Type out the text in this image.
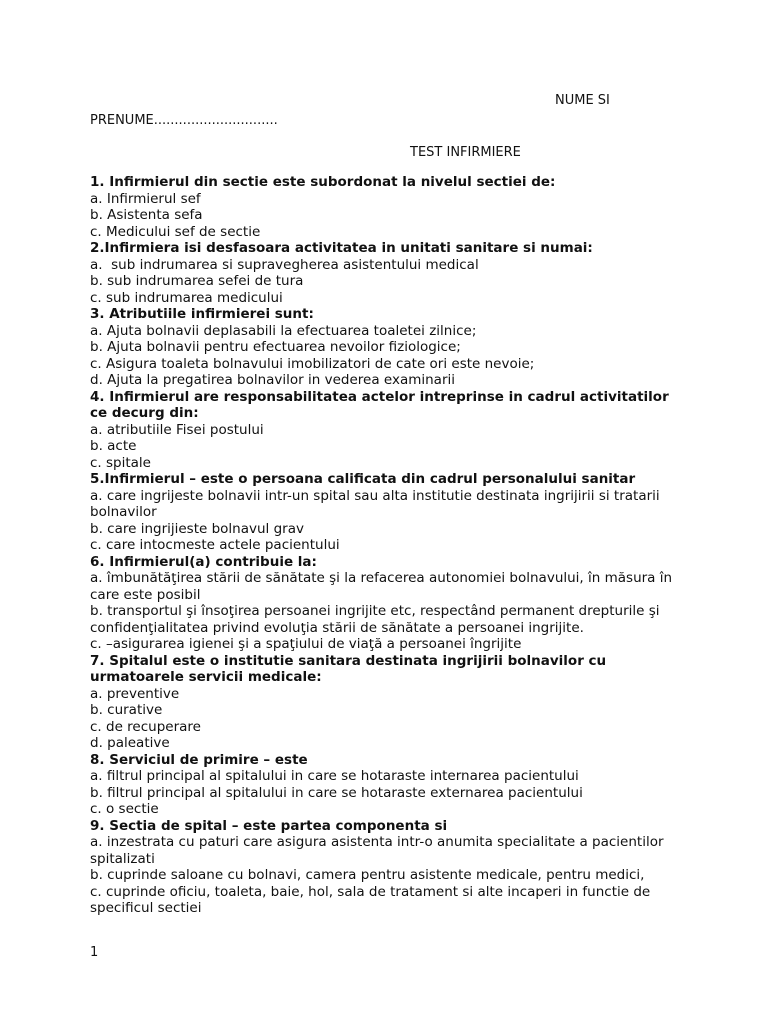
NUME SI
PRENUME..............................
TEST INFIRMIERE
1. Infirmierul din sectie este subordonat la nivelul sectiei de:
a. Infirmierul sef
b. Asistenta sefa
c. Medicului sef de sectie
2.Infirmiera isi desfasoara activitatea in unitati sanitare si numai:
a.  sub indrumarea si supravegherea asistentului medical
b. sub indrumarea sefei de tura
c. sub indrumarea medicului
3. Atributiile infirmierei sunt:
a. Ajuta bolnavii deplasabili la efectuarea toaletei zilnice;
b. Ajuta bolnavii pentru efectuarea nevoilor fiziologice;
c. Asigura toaleta bolnavului imobilizatori de cate ori este nevoie;
d. Ajuta la pregatirea bolnavilor in vederea examinarii
4. Infirmierul are responsabilitatea actelor intreprinse in cadrul activitatilor ce decurg din:
a. atributiile Fisei postului
b. acte
c. spitale
5.Infirmierul – este o persoana calificata din cadrul personalului sanitar
a. care ingrijeste bolnavii intr-un spital sau alta institutie destinata ingrijirii si tratarii bolnavilor
b. care ingrijieste bolnavul grav
c. care intocmeste actele pacientului
6. Infirmierul(a) contribuie la:
a. îmbunătăţirea stării de sănătate şi la refacerea autonomiei bolnavului, în măsura în care este posibil
b. transportul şi însoţirea persoanei ingrijite etc, respectând permanent drepturile şi confidenţialitatea privind evoluţia stării de sănătate a persoanei ingrijite.
c. –asigurarea igienei şi a spaţiului de viaţă a persoanei îngrijite
7. Spitalul este o institutie sanitara destinata ingrijirii bolnavilor cu urmatoarele servicii medicale:
a. preventive
b. curative
c. de recuperare
d. paleative
8. Serviciul de primire – este
a. filtrul principal al spitalului in care se hotaraste internarea pacientului
b. filtrul principal al spitalului in care se hotaraste externarea pacientului
c. o sectie
9. Sectia de spital – este partea componenta si
a. inzestrata cu paturi care asigura asistenta intr-o anumita specialitate a pacientilor spitalizati
b. cuprinde saloane cu bolnavi, camera pentru asistente medicale, pentru medici,
c. cuprinde oficiu, toaleta, baie, hol, sala de tratament si alte incaperi in functie de specificul sectiei
1
